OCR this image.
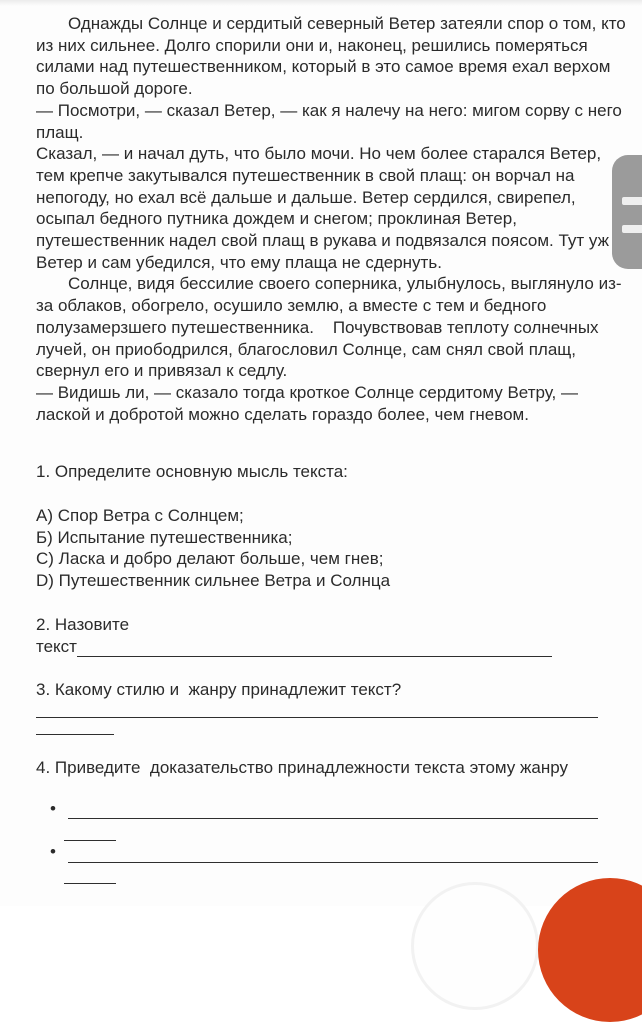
Однажды Солнце и сердитый северный Ветер затеяли спор о том, кто
из них сильнее. Долго спорили они и, наконец, решились померяться
силами над путешественником, который в это самое время ехал верхом
по большой дороге.
— Посмотри, — сказал Ветер, — как я налечу на него: мигом сорву с него
плащ.
Сказал, — и начал дуть, что было мочи. Но чем более старался Ветер,
тем крепче закутывался путешественник в свой плащ: он ворчал на
непогоду, но ехал всё дальше и дальше. Ветер сердился, свирепел,
осыпал бедного путника дождем и снегом; проклиная Ветер,
путешественник надел свой плащ в рукава и подвязался поясом. Тут уж
Ветер и сам убедился, что ему плаща не сдернуть.
Солнце, видя бессилие своего соперника, улыбнулось, выглянуло из-
за облаков, обогрело, осушило землю, а вместе с тем и бедного
полузамерзшего путешественника.    Почувствовав теплоту солнечных
лучей, он приободрился, благословил Солнце, сам снял свой плащ,
свернул его и привязал к седлу.
— Видишь ли, — сказало тогда кроткое Солнце сердитому Ветру, —
лаской и добротой можно сделать гораздо более, чем гневом.
1. Определите основную мысль текста:
А) Спор Ветра с Солнцем;
Б) Испытание путешественника;
С) Ласка и добро делают больше, чем гнев;
D) Путешественник сильнее Ветра и Солнца
2. Назовите
текст
3. Какому стилю и  жанру принадлежит текст?
4. Приведите  доказательство принадлежности текста этому жанру
•
•
